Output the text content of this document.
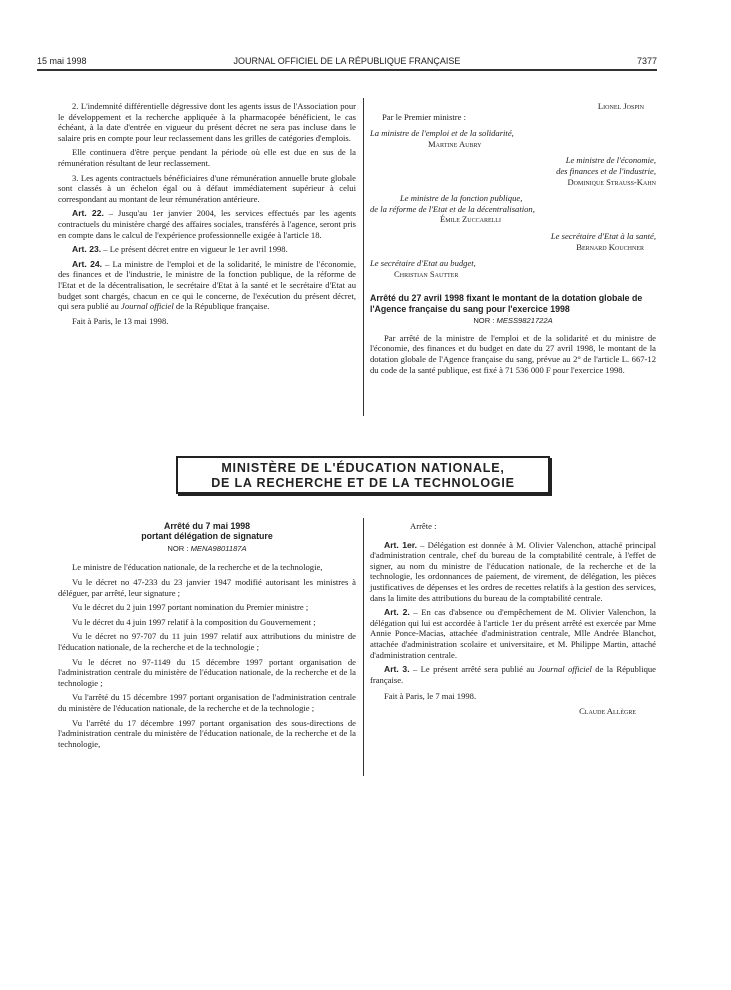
15 mai 1998	JOURNAL OFFICIEL DE LA RÉPUBLIQUE FRANÇAISE	7377

2. L'indemnité différentielle dégressive dont les agents issus de l'Association pour le développement et la recherche appliquée à la pharmacopée bénéficient, le cas échéant, à la date d'entrée en vigueur du présent décret ne sera pas incluse dans le salaire pris en compte pour leur reclassement dans les grilles de catégories d'emplois.

Elle continuera d'être perçue pendant la période où elle est due en sus de la rémunération résultant de leur reclassement.

3. Les agents contractuels bénéficiaires d'une rémunération annuelle brute globale sont classés à un échelon égal ou à défaut immédiatement supérieur à celui correspondant au montant de leur rémunération antérieure.

Art. 22. – Jusqu'au 1er janvier 2004, les services effectués par les agents contractuels du ministère chargé des affaires sociales, transférés à l'agence, seront pris en compte dans le calcul de l'expérience professionnelle exigée à l'article 18.

Art. 23. – Le présent décret entre en vigueur le 1er avril 1998.

Art. 24. – La ministre de l'emploi et de la solidarité, le ministre de l'économie, des finances et de l'industrie, le ministre de la fonction publique, de la réforme de l'Etat et de la décentralisation, le secrétaire d'Etat à la santé et le secrétaire d'Etat au budget sont chargés, chacun en ce qui le concerne, de l'exécution du présent décret, qui sera publié au Journal officiel de la République française.

Fait à Paris, le 13 mai 1998.

Lionel Jospin
Par le Premier ministre :
La ministre de l'emploi et de la solidarité,
Martine Aubry
Le ministre de l'économie,
des finances et de l'industrie,
Dominique Strauss-Kahn
Le ministre de la fonction publique,
de la réforme de l'Etat et de la décentralisation,
Émile Zuccarelli
Le secrétaire d'Etat à la santé,
Bernard Kouchner
Le secrétaire d'Etat au budget,
Christian Sautter
Arrêté du 27 avril 1998 fixant le montant de la dotation globale de l'Agence française du sang pour l'exercice 1998
NOR : MESS9821722A

Par arrêté de la ministre de l'emploi et de la solidarité et du ministre de l'économie, des finances et du budget en date du 27 avril 1998, le montant de la dotation globale de l'Agence française du sang, prévue au 2° de l'article L. 667-12 du code de la santé publique, est fixé à 71 536 000 F pour l'exercice 1998.

MINISTÈRE DE L'ÉDUCATION NATIONALE,
DE LA RECHERCHE ET DE LA TECHNOLOGIE
Arrêté du 7 mai 1998
portant délégation de signature
NOR : MENA9801187A

Le ministre de l'éducation nationale, de la recherche et de la technologie,

Vu le décret no 47-233 du 23 janvier 1947 modifié autorisant les ministres à déléguer, par arrêté, leur signature ;

Vu le décret du 2 juin 1997 portant nomination du Premier ministre ;

Vu le décret du 4 juin 1997 relatif à la composition du Gouvernement ;

Vu le décret no 97-707 du 11 juin 1997 relatif aux attributions du ministre de l'éducation nationale, de la recherche et de la technologie ;

Vu le décret no 97-1149 du 15 décembre 1997 portant organisation de l'administration centrale du ministère de l'éducation nationale, de la recherche et de la technologie ;

Vu l'arrêté du 15 décembre 1997 portant organisation de l'administration centrale du ministère de l'éducation nationale, de la recherche et de la technologie ;

Vu l'arrêté du 17 décembre 1997 portant organisation des sous-directions de l'administration centrale du ministère de l'éducation nationale, de la recherche et de la technologie,

Arrête :

Art. 1er. – Délégation est donnée à M. Olivier Valenchon, attaché principal d'administration centrale, chef du bureau de la comptabilité centrale, à l'effet de signer, au nom du ministre de l'éducation nationale, de la recherche et de la technologie, les ordonnances de paiement, de virement, de délégation, les pièces justificatives de dépenses et les ordres de recettes relatifs à la gestion des services, dans la limite des attributions du bureau de la comptabilité centrale.

Art. 2. – En cas d'absence ou d'empêchement de M. Olivier Valenchon, la délégation qui lui est accordée à l'article 1er du présent arrêté est exercée par Mme Annie Ponce-Macias, attachée d'administration centrale, Mlle Andrée Blanchot, attachée d'administration scolaire et universitaire, et M. Philippe Martin, attaché d'administration centrale.

Art. 3. – Le présent arrêté sera publié au Journal officiel de la République française.

Fait à Paris, le 7 mai 1998.

Claude Allègre
